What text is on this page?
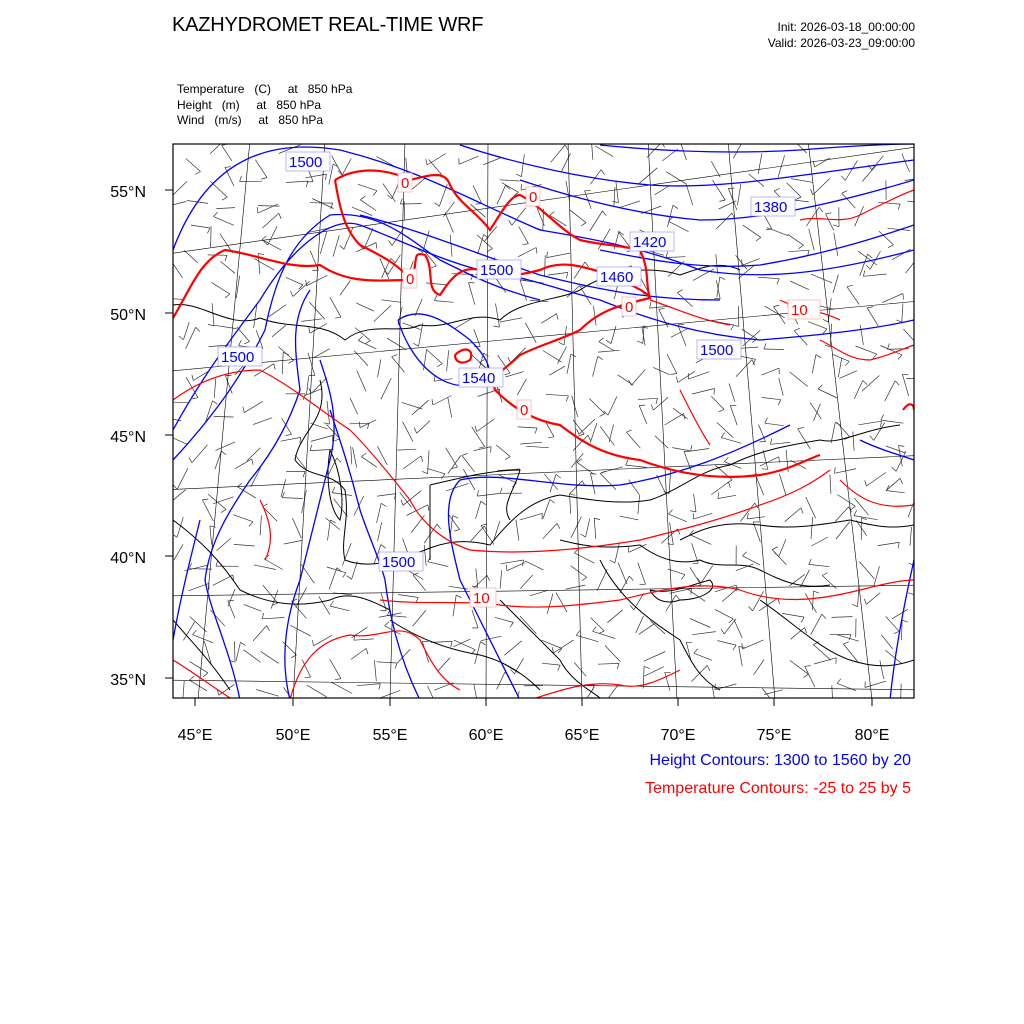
KAZHYDROMET REAL-TIME WRF	Init: 2026-03-18_00:00:00
Valid: 2026-03-23_09:00:00
Temperature   (C)     at   850 hPa
Height   (m)     at   850 hPa
Wind   (m/s)     at   850 hPa
45°E	50°E	55°E	60°E	65°E	70°E	75°E	80°E
55°N
50°N
45°N
40°N
35°N
1500
1380
1420
1460
1500
1500
1540
1500
1500
0
0
0
0
0
10
10
Height Contours: 1300 to 1560 by 20
Temperature Contours: -25 to 25 by 5
